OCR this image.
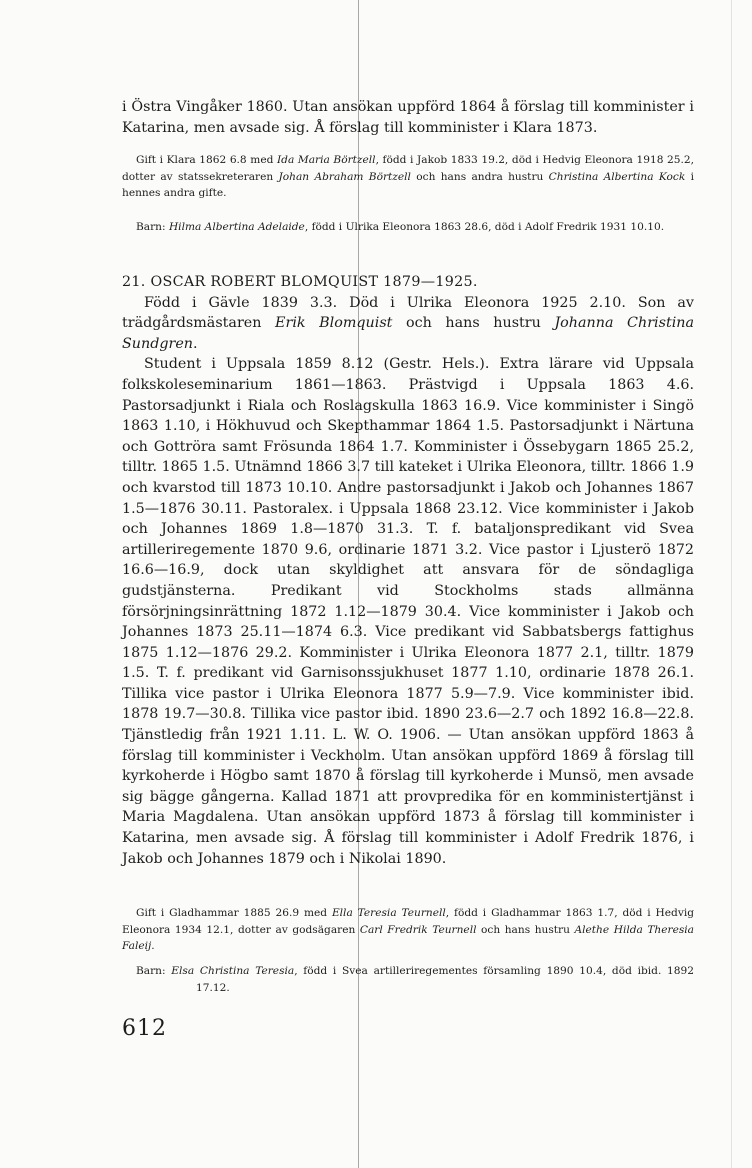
i Östra Vingåker 1860. Utan ansökan uppförd 1864 å förslag till komminister i Katarina, men avsade sig. Å förslag till komminister i Klara 1873.

Gift i Klara 1862 6.8 med Ida Maria Börtzell, född i Jakob 1833 19.2, död i Hedvig Eleonora 1918 25.2, dotter av statssekreteraren Johan Abraham Börtzell och hans andra hustru Christina Albertina Kock i hennes andra gifte.

Barn: Hilma Albertina Adelaide, född i Ulrika Eleonora 1863 28.6, död i Adolf Fredrik 1931 10.10.

21. OSCAR ROBERT BLOMQUIST 1879—1925.

Född i Gävle 1839 3.3. Död i Ulrika Eleonora 1925 2.10. Son av trädgårdsmästaren Erik Blomquist och hans hustru Johanna Christina Sundgren.

Student i Uppsala 1859 8.12 (Gestr. Hels.). Extra lärare vid Uppsala folkskoleseminarium 1861—1863. Prästvigd i Uppsala 1863 4.6. Pastorsadjunkt i Riala och Roslagskulla 1863 16.9. Vice komminister i Singö 1863 1.10, i Hökhuvud och Skepthammar 1864 1.5. Pastorsadjunkt i Närtuna och Gottröra samt Frösunda 1864 1.7. Komminister i Össebygarn 1865 25.2, tilltr. 1865 1.5. Utnämnd 1866 3.7 till kateket i Ulrika Eleonora, tilltr. 1866 1.9 och kvarstod till 1873 10.10. Andre pastorsadjunkt i Jakob och Johannes 1867 1.5—1876 30.11. Pastoralex. i Uppsala 1868 23.12. Vice komminister i Jakob och Johannes 1869 1.8—1870 31.3. T. f. bataljonspredikant vid Svea artilleriregemente 1870 9.6, ordinarie 1871 3.2. Vice pastor i Ljusterö 1872 16.6—16.9, dock utan skyldighet att ansvara för de söndagliga gudstjänsterna. Predikant vid Stockholms stads allmänna försörjningsinrättning 1872 1.12—1879 30.4. Vice komminister i Jakob och Johannes 1873 25.11—1874 6.3. Vice predikant vid Sabbatsbergs fattighus 1875 1.12—1876 29.2. Komminister i Ulrika Eleonora 1877 2.1, tilltr. 1879 1.5. T. f. predikant vid Garnisonssjukhuset 1877 1.10, ordinarie 1878 26.1. Tillika vice pastor i Ulrika Eleonora 1877 5.9—7.9. Vice komminister ibid. 1878 19.7—30.8. Tillika vice pastor ibid. 1890 23.6—2.7 och 1892 16.8—22.8. Tjänstledig från 1921 1.11. L. W. O. 1906. — Utan ansökan uppförd 1863 å förslag till komminister i Veckholm. Utan ansökan uppförd 1869 å förslag till kyrkoherde i Högbo samt 1870 å förslag till kyrkoherde i Munsö, men avsade sig bägge gångerna. Kallad 1871 att provpredika för en komministertjänst i Maria Magdalena. Utan ansökan uppförd 1873 å förslag till komminister i Katarina, men avsade sig. Å förslag till komminister i Adolf Fredrik 1876, i Jakob och Johannes 1879 och i Nikolai 1890.

Gift i Gladhammar 1885 26.9 med Ella Teresia Teurnell, född i Gladhammar 1863 1.7, död i Hedvig Eleonora 1934 12.1, dotter av godsägaren Carl Fredrik Teurnell och hans hustru Alethe Hilda Theresia Faleij.

Barn: Elsa Christina Teresia, född i Svea artilleriregementes församling 1890 10.4, död ibid. 1892 17.12.

612
